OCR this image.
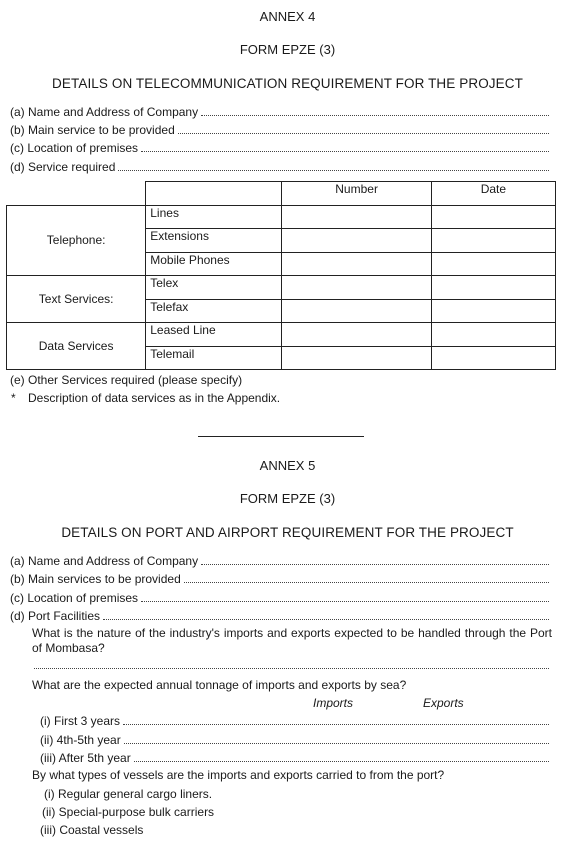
ANNEX 4
FORM EPZE (3)
DETAILS ON TELECOMMUNICATION REQUIREMENT FOR THE PROJECT
(a) Name and Address of Company
(b) Main service to be provided
(c) Location of premises
(d) Service required
		Number	Date
Telephone:	Lines		
	Extensions		
	Mobile Phones		
Text Services:	Telex		
	Telefax		
Data Services	Leased Line		
	Telemail		
(e) Other Services required (please specify)
* Description of data services as in the Appendix.
ANNEX 5
FORM EPZE (3)
DETAILS ON PORT AND AIRPORT REQUIREMENT FOR THE PROJECT
(a) Name and Address of Company
(b) Main services to be provided
(c) Location of premises
(d) Port Facilities
What is the nature of the industry's imports and exports expected to be handled through the Port of Mombasa?
What are the expected annual tonnage of imports and exports by sea?
Imports	Exports
(i) First 3 years
(ii) 4th-5th year
(iii) After 5th year
By what types of vessels are the imports and exports carried to from the port?
(i) Regular general cargo liners.
(ii) Special-purpose bulk carriers
(iii) Coastal vessels
